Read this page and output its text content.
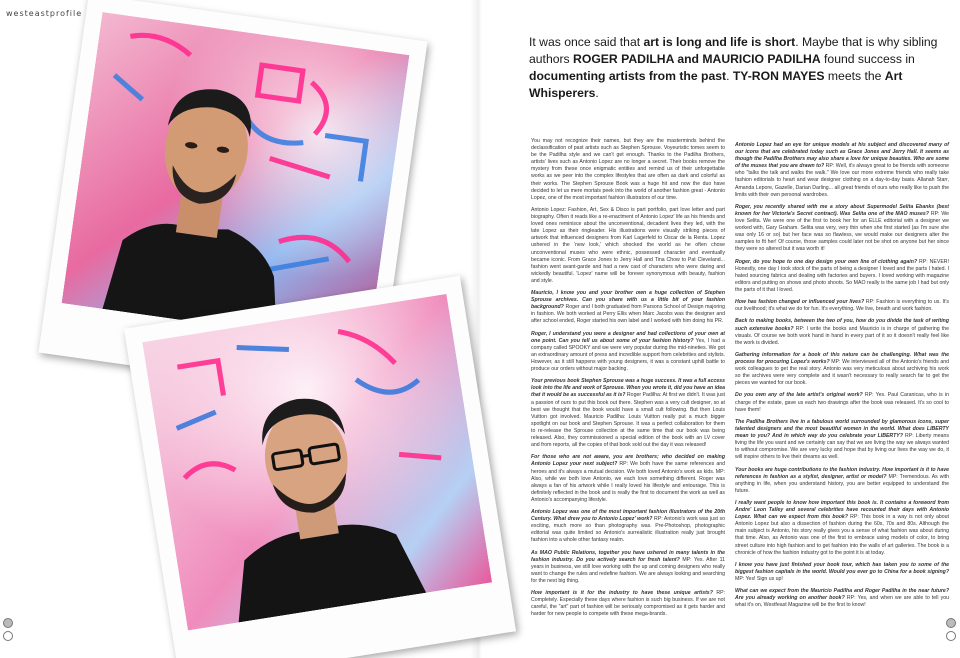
westeastprofile
It was once said that art is long and life is short. Maybe that is why sibling authors ROGER PADILHA and MAURICIO PADILHA found success in documenting artists from the past. TY-RON MAYES meets the Art Whisperers.

You may not recognize their names, but they are the masterminds behind the declassification of past artists such as Stephen Sprouse. Voyeuristic tomes seem to be the Padilha style and we can't get enough. Thanks to the Padilha Brothers, artists' lives such as Antonio Lopez are no longer a secret. Their books remove the mystery from these once enigmatic entities and remind us of their unforgettable works as we peer into the complex lifestyles that are often as dark and colorful as their works. The Stephen Sprouse Book was a huge hit and now the duo have decided to let us mere mortals peek into the world of another fashion great - Antonio Lopez, one of the most important fashion illustrators of our time.

Antonio Lopez: Fashion, Art, Sex & Disco is part portfolio, part love letter and part biography. Often it reads like a re-enactment of Antonio Lopez' life as his friends and loved ones reminisce about the unconventional, decadent lives they led, with the late Lopez as their ringleader. His illustrations were visually striking pieces of artwork that influenced designers from Karl Lagerfeld to Oscar de la Renta. Lopez ushered in the 'new look,' which shocked the world as he often chose unconventional muses who were ethnic, possessed character and eventually became iconic. From Grace Jones to Jerry Hall and Tina Chow to Pat Cleveland... fashion went avant-garde and had a new cast of characters who were daring and wickedly beautiful. 'Lopez' name will be forever synonymous with beauty, fashion and style.

Mauricio, I know you and your brother own a huge collection of Stephen Sprouse archives. Can you share with us a little bit of your fashion background? Roger and I both graduated from Parsons School of Design majoring in fashion. We both worked at Perry Ellis when Marc Jacobs was the designer and after school ended, Roger started his own label and I worked with him doing his PR.

Roger, I understand you were a designer and had collections of your own at one point. Can you tell us about some of your fashion history? Yes, I had a company called SPOOKY and we were very popular during the mid-nineties. We got an extraordinary amount of press and incredible support from celebrities and stylists. However, as it still happens with young designers, it was a constant uphill battle to produce our orders without major backing.

Your previous book Stephen Sprouse was a huge success. It was a full access look into the life and work of Sprouse. When you wrote it, did you have an idea that it would be as successful as it is? Roger Padilha: At first we didn't. It was just a passion of ours to put this book out there. Stephen was a very cult designer, so at best we thought that the book would have a small cult following. But then Louis Vuitton got involved. Mauricio Padilha: Louis Vuitton really put a much bigger spotlight on our book and Stephen Sprouse. It was a perfect collaboration for them to re-release the Sprouse collection at the same time that our book was being released. Also, they commissioned a special edition of the book with an LV cover and from reports, all the copies of that book sold out the day it was released!

For those who are not aware, you are brothers; who decided on making Antonio Lopez your next subject? RP: We both have the same references and heroes and it's always a mutual decision. We both loved Antonio's work as kids. MP: Also, while we both love Antonio, we each love something different. Roger was always a fan of his artwork while I really loved his lifestyle and entourage. This is definitely reflected in the book and is really the first to document the work as well as Antonio's accompanying lifestyle.

Antonio Lopez was one of the most important fashion illustrators of the 20th Century. What drew you to Antonio Lopez' work? RP: Antonio's work was just so exciting, much more so than photography was. Pre-Photoshop, photographic editorial was quite limited so Antonio's surrealistic illustration really just brought fashion into a whole other fantasy realm.

As MAO Public Relations, together you have ushered in many talents in the fashion industry. Do you actively search for fresh talent? MP: Yes. After 11 years in business, we still love working with the up and coming designers who really want to change the rules and redefine fashion. We are always looking and searching for the next big thing.

How important is it for the industry to have these unique artists? RP: Completely. Especially these days where fashion is such big business. If we are not careful, the "art" part of fashion will be seriously compromised as it gets harder and harder for new people to compete with these mega-brands.

Antonio Lopez had an eye for unique models at his subject and discovered many of our icons that are celebrated today such as Grace Jones and Jerry Hall. It seems as though the Padilha Brothers may also share a love for unique beauties. Who are some of the muses that you are drawn to? RP: Well, it's always great to be friends with someone who "talks the talk and walks the walk." We love our more extreme friends who really take fashion editorials to heart and wear designer clothing on a day-to-day basis. Allanah Starr, Amanda Lepore, Gazelle, Darian Darling... all great friends of ours who really like to push the limits with their own personal wardrobes.

Roger, you recently shared with me a story about Supermodel Selita Ebanks (best known for her Victoria's Secret contract). Was Selita one of the MAO muses? RP: We love Selita. We were one of the first to book her for an ELLE editorial with a designer we worked with, Gary Graham. Selita was very, very thin when she first started (as I'm sure she was only 16 or so) but her face was so flawless, we would make our designers alter the samples to fit her! Of course, those samples could later not be shot on anyone but her since they were so altered but it was worth it!

Roger, do you hope to one day design your own line of clothing again? RP: NEVER! Honestly, one day I took stock of the parts of being a designer I loved and the parts I hated. I hated sourcing fabrics and dealing with factories and buyers. I loved working with magazine editors and putting on shows and photo shoots. So MAO really is the same job I had but only the parts of it that I loved.

How has fashion changed or influenced your lives? RP: Fashion is everything to us. It's our livelihood; it's what we do for fun. It's everything. We live, breath and work fashion.

Back to making books, between the two of you, how do you divide the task of writing such extensive books? RP: I write the books and Mauricio is in charge of gathering the visuals. Of course we both work hand in hand in every part of it so it doesn't really feel like the work is divided.

Gathering information for a book of this nature can be challenging. What was the process for procuring Lopez's works? MP: We interviewed all of the Antonio's friends and work colleagues to get the real story. Antonio was very meticulous about archiving his work so the archives were very complete and it wasn't necessary to really search far to get the pieces we wanted for our book.

Do you own any of the late artist's original work? RP: Yes. Paul Caranicas, who is in charge of the estate, gave us each two drawings after the book was released. It's so cool to have them!

The Padilha Brothers live in a fabulous world surrounded by glamorous icons, super talented designers and the most beautiful women in the world. What does LIBERTY mean to you? And in which way do you celebrate your LIBERTY? RP: Liberty means living the life you want and we certainly can say that we are living the way we always wanted to without compromise. We are very lucky and hope that by living our lives the way we do, it will inspire others to live their dreams as well.

Your books are huge contributions to the fashion industry. How important is it to have references in fashion as a stylist, designer, artist or model? MP: Tremendous. As with anything in life, when you understand history, you are better equipped to understand the future.

I really want people to know how important this book is. It contains a foreword from Andre' Leon Talley and several celebrities have recounted their days with Antonio Lopez. What can we expect from this book? RP: This book in a way is not only about Antonio Lopez but also a dissection of fashion during the 60s, 70s and 80s. Although the main subject is Antonio, his story really gives you a sense of what fashion was about during that time. Also, as Antonio was one of the first to embrace using models of color, to bring street culture into high fashion and to get fashion into the walls of art galleries. The book is a chronicle of how the fashion industry got to the point it is at today.

I know you have just finished your book tour, which has taken you to some of the biggest fashion capitals in the world. Would you ever go to China for a book signing? MP: Yes! Sign us up!

What can we expect from the Mauricio Padilha and Roger Padilha in the near future? Are you already working on another book? RP: Yes, and when we are able to tell you what it's on, Westfeast Magazine will be the first to know!
